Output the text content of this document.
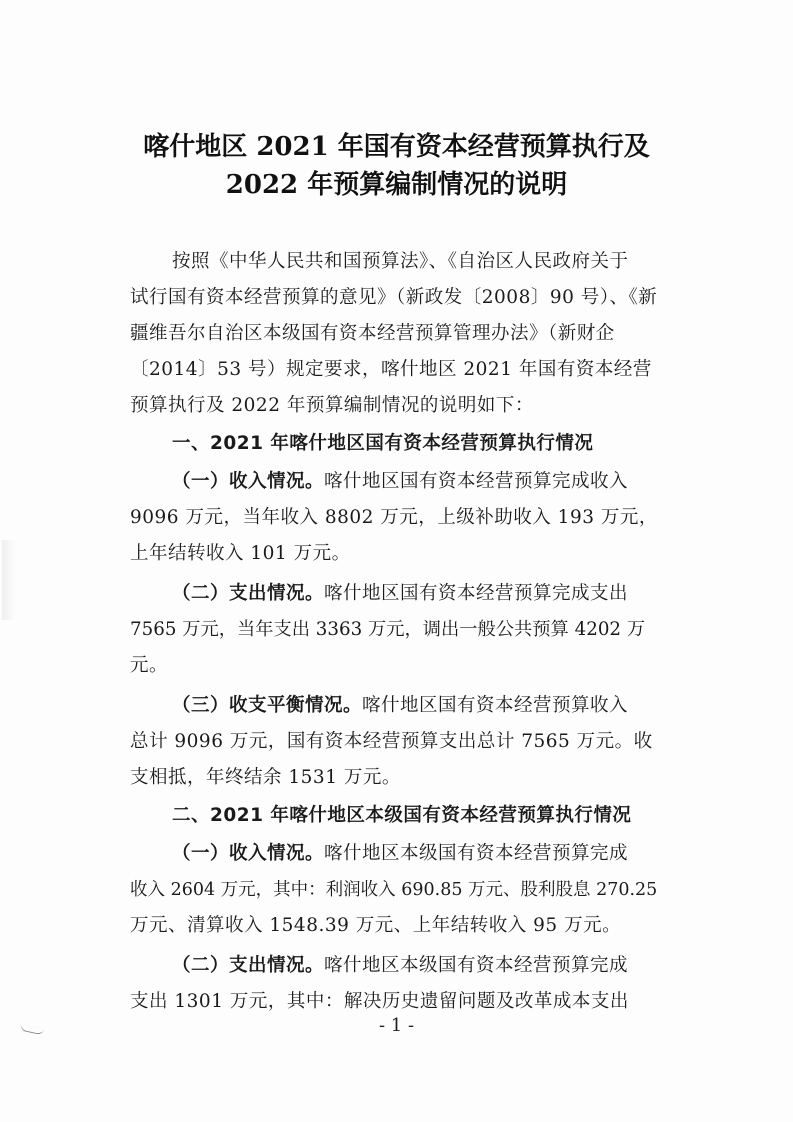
喀什地区 2021 年国有资本经营预算执行及
2022 年预算编制情况的说明
按照《中华人民共和国预算法》、《自治区人民政府关于
试行国有资本经营预算的意见》（新政发〔2008〕90 号）、《新
疆维吾尔自治区本级国有资本经营预算管理办法》（新财企
〔2014〕53 号）规定要求，喀什地区 2021 年国有资本经营
预算执行及 2022 年预算编制情况的说明如下：
一、2021 年喀什地区国有资本经营预算执行情况
（一）收入情况。喀什地区国有资本经营预算完成收入
9096 万元，当年收入 8802 万元，上级补助收入 193 万元，
上年结转收入 101 万元。
（二）支出情况。喀什地区国有资本经营预算完成支出
7565 万元，当年支出 3363 万元，调出一般公共预算 4202 万
元。
（三）收支平衡情况。喀什地区国有资本经营预算收入
总计 9096 万元，国有资本经营预算支出总计 7565 万元。收
支相抵，年终结余 1531 万元。
二、2021 年喀什地区本级国有资本经营预算执行情况
（一）收入情况。喀什地区本级国有资本经营预算完成
收入 2604 万元，其中：利润收入 690.85 万元、股利股息 270.25
万元、清算收入 1548.39 万元、上年结转收入 95 万元。
（二）支出情况。喀什地区本级国有资本经营预算完成
支出 1301 万元，其中：解决历史遗留问题及改革成本支出
- 1 -
